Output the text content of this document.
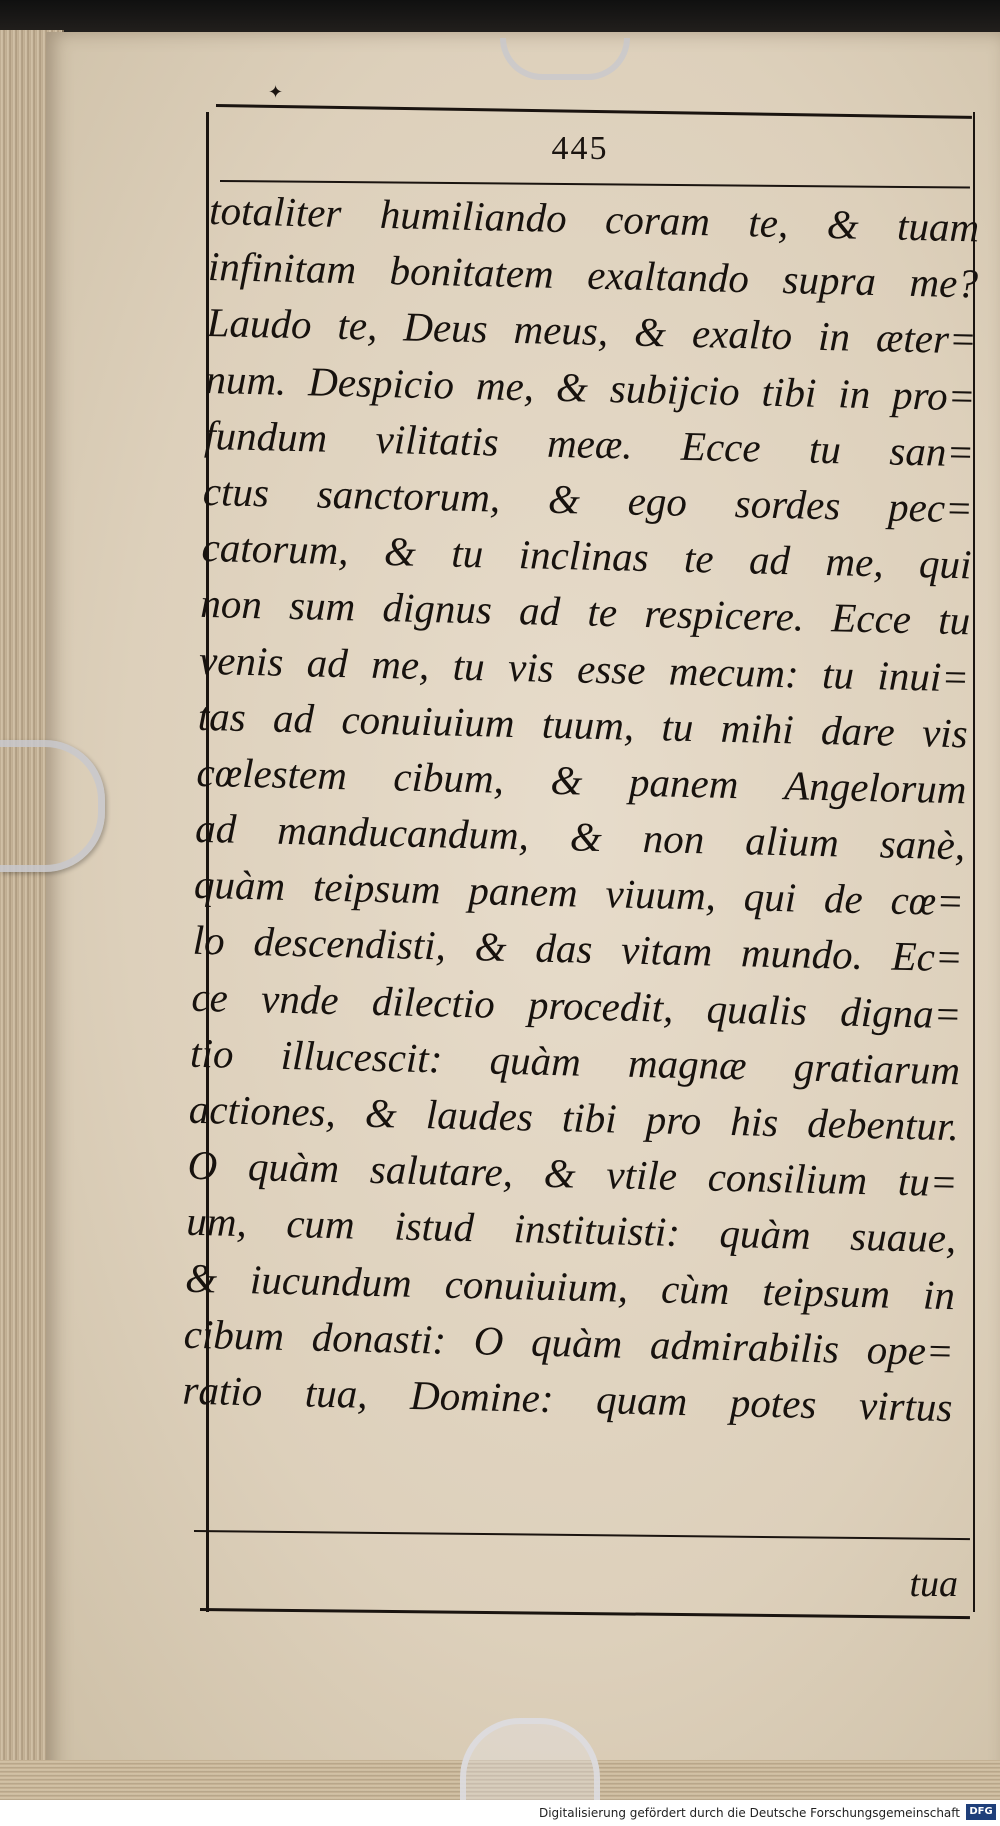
✦
445
totaliter humiliando coram te, & tuam
infinitam bonitatem exaltando supra me?
Laudo te, Deus meus, & exalto in æter=
num. Despicio me, & subijcio tibi in pro=
fundum vilitatis meæ. Ecce tu san=
ctus sanctorum, & ego sordes pec=
catorum, & tu inclinas te ad me, qui
non sum dignus ad te respicere. Ecce tu
venis ad me, tu vis esse mecum: tu inui=
tas ad conuiuium tuum, tu mihi dare vis
cœlestem cibum, & panem Angelorum
ad manducandum, & non alium sanè,
quàm teipsum panem viuum, qui de cœ=
lo descendisti, & das vitam mundo. Ec=
ce vnde dilectio procedit, qualis digna=
tio illucescit: quàm magnæ gratiarum
actiones, & laudes tibi pro his debentur.
O quàm salutare, & vtile consilium tu=
um, cum istud instituisti: quàm suaue,
& iucundum conuiuium, cùm teipsum in
cibum donasti: O quàm admirabilis ope=
ratio tua, Domine: quam potes virtus
tua
Digitalisierung gefördert durch die Deutsche Forschungsgemeinschaft DFG
